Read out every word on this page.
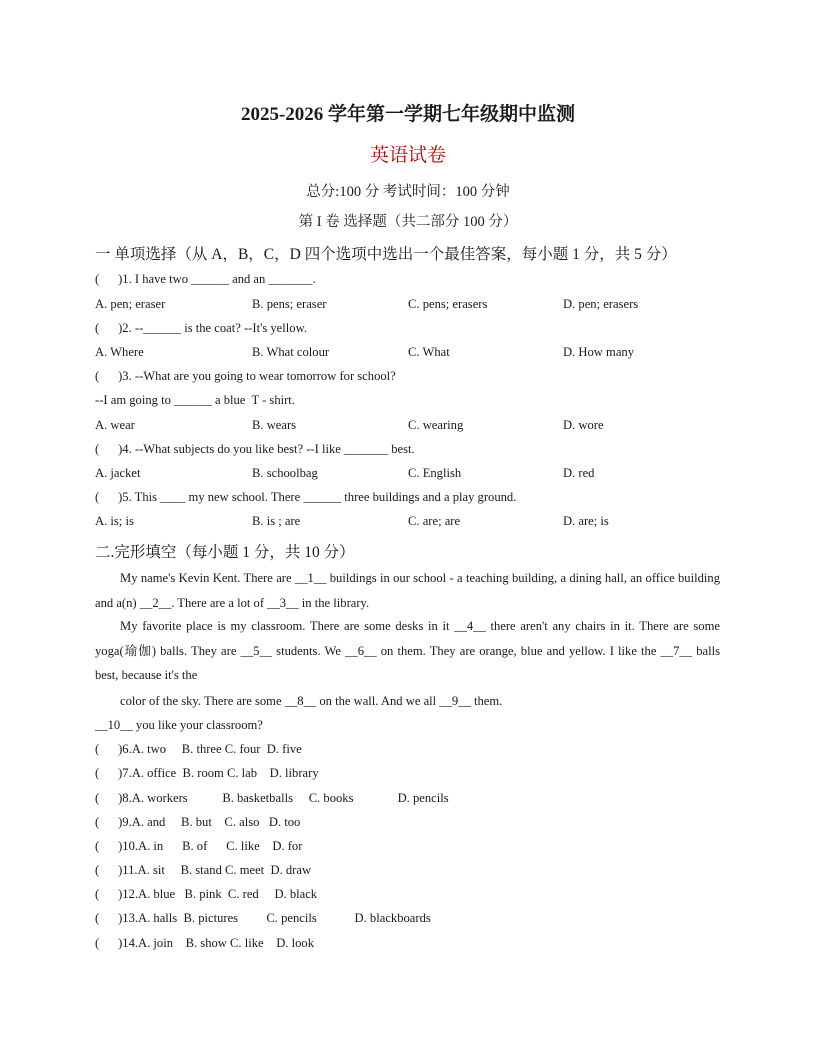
2025-2026 学年第一学期七年级期中监测
英语试卷
总分:100 分 考试时间：100 分钟
第 I 卷 选择题（共二部分 100 分）
一 单项选择（从 A，B，C，D 四个选项中选出一个最佳答案，每小题 1 分，共 5 分）
(      )1. I have two ______ and an _______.
A. pen; eraser	B. pens; eraser	C. pens; erasers	D. pen; erasers
(      )2. --______ is the coat? --It's yellow.
A. Where	B. What colour	C. What	D. How many
(      )3. --What are you going to wear tomorrow for school?
--I am going to ______ a blue  T - shirt.
A. wear	B. wears	C. wearing	D. wore
(      )4. --What subjects do you like best? --I like _______ best.
A. jacket	B. schoolbag	C. English	D. red
(      )5. This ____ my new school. There ______ three buildings and a play ground.
A. is; is	B. is ; are	C. are; are	D. are; is
二.完形填空（每小题 1 分，共 10 分）
My name's Kevin Kent. There are __1__ buildings in our school - a teaching building, a dining hall, an office building and a(n) __2__. There are a lot of __3__ in the library.
My favorite place is my classroom. There are some desks in it __4__ there aren't any chairs in it. There are some yoga(瑜伽) balls. They are __5__ students. We __6__ on them. They are orange, blue and yellow. I like the __7__ balls best, because it's the
color of the sky. There are some __8__ on the wall. And we all __9__ them.
__10__ you like your classroom?
(      )6.A. two     B. three C. four  D. five
(      )7.A. office  B. room C. lab    D. library
(      )8.A. workers           B. basketballs     C. books              D. pencils
(      )9.A. and     B. but    C. also   D. too
(      )10.A. in      B. of      C. like    D. for
(      )11.A. sit     B. stand C. meet  D. draw
(      )12.A. blue   B. pink  C. red     D. black
(      )13.A. halls  B. pictures         C. pencils            D. blackboards
(      )14.A. join    B. show C. like    D. look
